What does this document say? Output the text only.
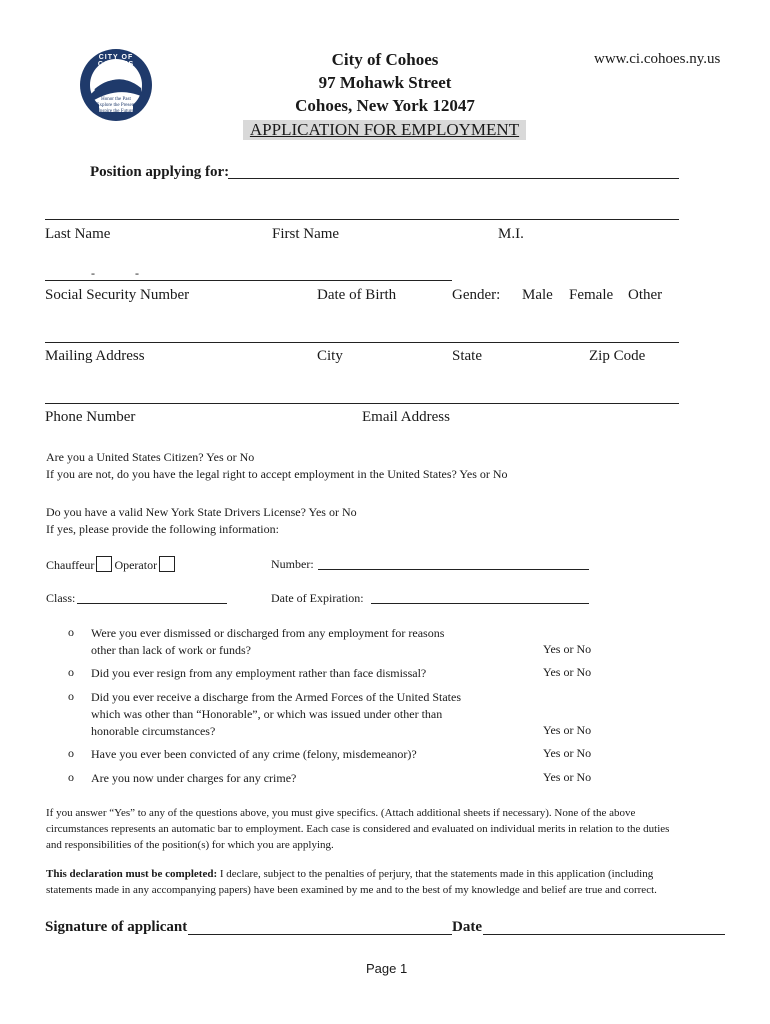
CITY OF COHOES
Honor the Past
Explore the Present
Inspire the Future
City of Cohoes
97 Mohawk Street
Cohoes, New York 12047
APPLICATION FOR EMPLOYMENT
www.ci.cohoes.ny.us
Position applying for:
Last Name	First Name	M.I.
-	-
Social Security Number	Date of Birth	Gender: Male Female Other
Mailing Address	City	State	Zip Code
Phone Number	Email Address
Are you a United States Citizen? Yes or No
If you are not, do you have the legal right to accept employment in the United States? Yes or No
Do you have a valid New York State Drivers License? Yes or No
If yes, please provide the following information:
Chauffeur Operator	Number:
Class:	Date of Expiration:
o Were you ever dismissed or discharged from any employment for reasons
other than lack of work or funds?	Yes or No
o Did you ever resign from any employment rather than face dismissal?	Yes or No
o Did you ever receive a discharge from the Armed Forces of the United States
which was other than “Honorable”, or which was issued under other than
honorable circumstances?	Yes or No
o Have you ever been convicted of any crime (felony, misdemeanor)?	Yes or No
o Are you now under charges for any crime?	Yes or No
If you answer “Yes” to any of the questions above, you must give specifics. (Attach additional sheets if necessary). None of the above
circumstances represents an automatic bar to employment. Each case is considered and evaluated on individual merits in relation to the duties
and responsibilities of the position(s) for which you are applying.
This declaration must be completed: I declare, subject to the penalties of perjury, that the statements made in this application (including
statements made in any accompanying papers) have been examined by me and to the best of my knowledge and belief are true and correct.
Signature of applicant	Date
Page 1
